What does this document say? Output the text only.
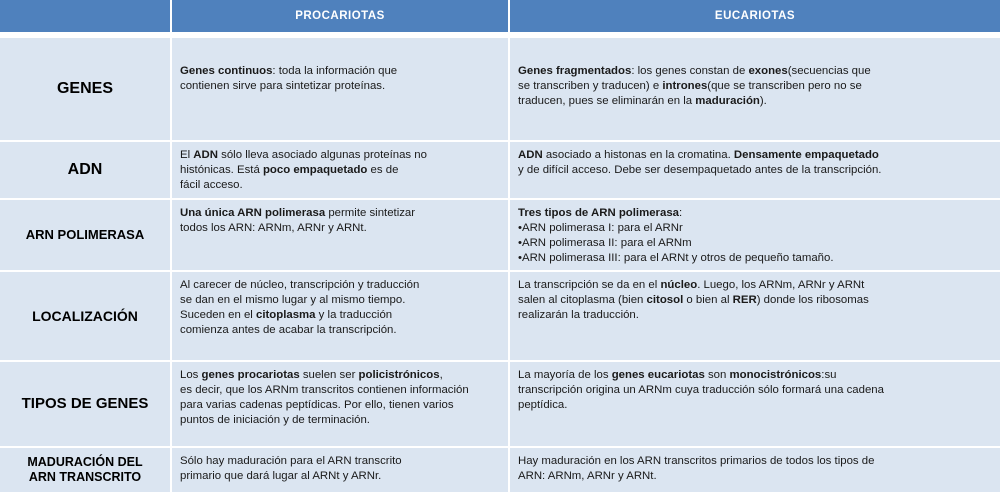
PROCARIOTAS	EUCARIOTAS
GENES
Genes continuos: toda la información que
contienen sirve para sintetizar proteínas.
Genes fragmentados: los genes constan de exones(secuencias que
se transcriben y traducen) e intrones(que se transcriben pero no se
traducen, pues se eliminarán en la maduración).
ADN
El ADN sólo lleva asociado algunas proteínas no
histónicas. Está poco empaquetado es de
fácil acceso.
ADN asociado a histonas en la cromatina. Densamente empaquetado
y de difícil acceso. Debe ser desempaquetado antes de la transcripción.
ARN POLIMERASA
Una única ARN polimerasa permite sintetizar
todos los ARN: ARNm, ARNr y ARNt.
Tres tipos de ARN polimerasa:
•ARN polimerasa I: para el ARNr
•ARN polimerasa II: para el ARNm
•ARN polimerasa III: para el ARNt y otros de pequeño tamaño.
LOCALIZACIÓN
Al carecer de núcleo, transcripción y traducción
se dan en el mismo lugar y al mismo tiempo.
Suceden en el citoplasma y la traducción
comienza antes de acabar la transcripción.
La transcripción se da en el núcleo. Luego, los ARNm, ARNr y ARNt
salen al citoplasma (bien citosol o bien al RER) donde los ribosomas
realizarán la traducción.
TIPOS DE GENES
Los genes procariotas suelen ser policistrónicos,
es decir, que los ARNm transcritos contienen información
para varias cadenas peptídicas. Por ello, tienen varios
puntos de iniciación y de terminación.
La mayoría de los genes eucariotas son monocistrónicos:su
transcripción origina un ARNm cuya traducción sólo formará una cadena
peptídica.
MADURACIÓN DEL ARN TRANSCRITO
Sólo hay maduración para el ARN transcrito
primario que dará lugar al ARNt y ARNr.
Hay maduración en los ARN transcritos primarios de todos los tipos de
ARN: ARNm, ARNr y ARNt.
